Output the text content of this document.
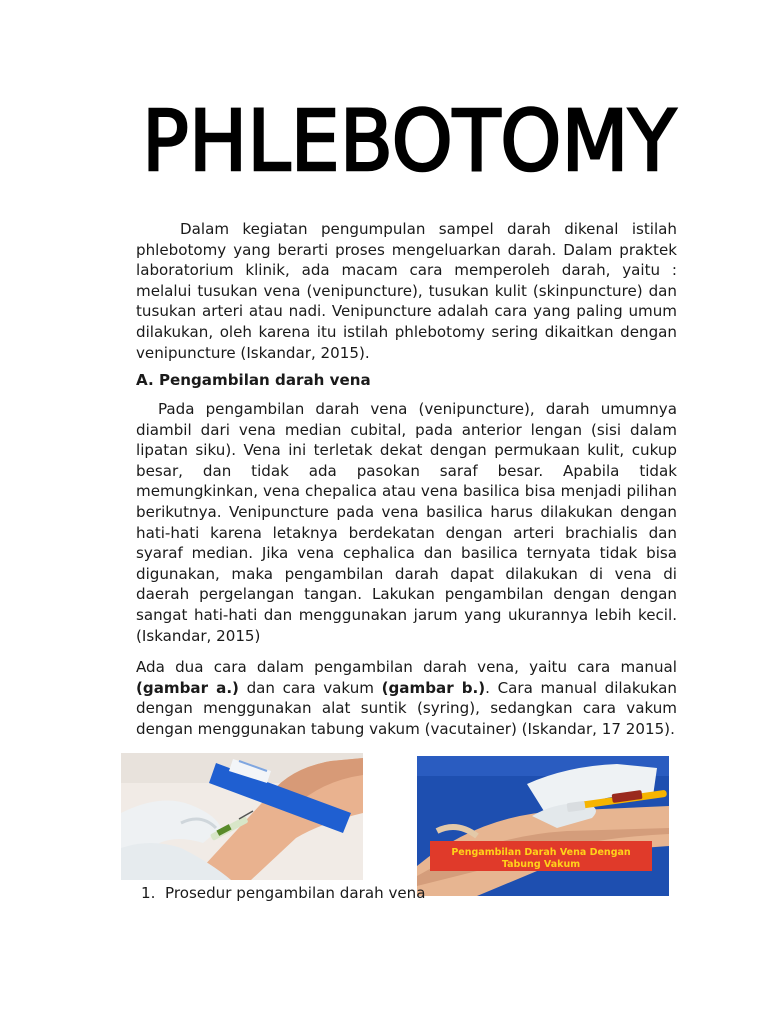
PHLEBOTOMY

Dalam kegiatan pengumpulan sampel darah dikenal istilah phlebotomy yang berarti proses mengeluarkan darah. Dalam praktek laboratorium klinik, ada macam cara memperoleh darah, yaitu : melalui tusukan vena (venipuncture), tusukan kulit (skinpuncture) dan tusukan arteri atau nadi. Venipuncture adalah cara yang paling umum dilakukan, oleh karena itu istilah phlebotomy sering dikaitkan dengan venipuncture (Iskandar, 2015).

A. Pengambilan darah vena

Pada pengambilan darah vena (venipuncture), darah umumnya diambil dari vena median cubital, pada anterior lengan (sisi dalam lipatan siku). Vena ini terletak dekat dengan permukaan kulit, cukup besar, dan tidak ada pasokan saraf besar. Apabila tidak memungkinkan, vena chepalica atau vena basilica bisa menjadi pilihan berikutnya. Venipuncture pada vena basilica harus dilakukan dengan hati-hati karena letaknya berdekatan dengan arteri brachialis dan syaraf median. Jika vena cephalica dan basilica ternyata tidak bisa digunakan, maka pengambilan darah dapat dilakukan di vena di daerah pergelangan tangan. Lakukan pengambilan dengan dengan sangat hati-hati dan menggunakan jarum yang ukurannya lebih kecil. (Iskandar, 2015)

Ada dua cara dalam pengambilan darah vena, yaitu cara manual (gambar a.) dan cara vakum (gambar b.). Cara manual dilakukan dengan menggunakan alat suntik (syring), sedangkan cara vakum dengan menggunakan tabung vakum (vacutainer) (Iskandar, 17 2015).

Pengambilan Darah Vena Dengan
Tabung Vakum

1. Prosedur pengambilan darah vena
